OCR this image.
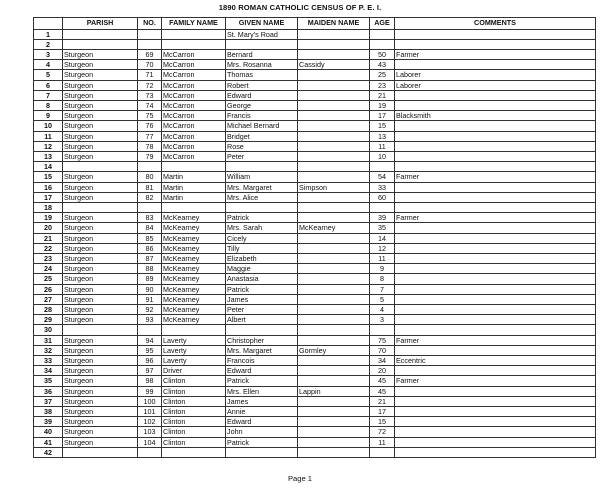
1890 ROMAN CATHOLIC CENSUS OF P. E. I.
	PARISH	NO.	FAMILY NAME	GIVEN NAME	MAIDEN NAME	AGE	COMMENTS
1				St. Mary's Road			
2							
3	Sturgeon	69	McCarron	Bernard		50	Farmer
4	Sturgeon	70	McCarron	Mrs. Rosanna	Cassidy	43	
5	Sturgeon	71	McCarron	Thomas		25	Laborer
6	Sturgeon	72	McCarron	Robert		23	Laborer
7	Sturgeon	73	McCarron	Edward		21	
8	Sturgeon	74	McCarron	George		19	
9	Sturgeon	75	McCarron	Francis		17	Blacksmith
10	Sturgeon	76	McCarron	Michael Bernard		15	
11	Sturgeon	77	McCarron	Bridget		13	
12	Sturgeon	78	McCarron	Rose		11	
13	Sturgeon	79	McCarron	Peter		10	
14							
15	Sturgeon	80	Martin	William		54	Farmer
16	Sturgeon	81	Martin	Mrs. Margaret	Simpson	33	
17	Sturgeon	82	Martin	Mrs. Alice		60	
18							
19	Sturgeon	83	McKearney	Patrick		39	Farmer
20	Sturgeon	84	McKearney	Mrs. Sarah	McKearney	35	
21	Sturgeon	85	McKearney	Cicely		14	
22	Sturgeon	86	McKearney	Tilly		12	
23	Sturgeon	87	McKearney	Elizabeth		11	
24	Sturgeon	88	McKearney	Maggie		9	
25	Sturgeon	89	McKearney	Anastasia		8	
26	Sturgeon	90	McKearney	Patrick		7	
27	Sturgeon	91	McKearney	James		5	
28	Sturgeon	92	McKearney	Peter		4	
29	Sturgeon	93	McKearney	Albert		3	
30							
31	Sturgeon	94	Laverty	Christopher		75	Farmer
32	Sturgeon	95	Laverty	Mrs. Margaret	Gormley	70	
33	Sturgeon	96	Laverty	Francois		34	Eccentric
34	Sturgeon	97	Driver	Edward		20	
35	Sturgeon	98	Clinton	Patrick		45	Farmer
36	Sturgeon	99	Clinton	Mrs. Ellen	Lappin	45	
37	Sturgeon	100	Clinton	James		21	
38	Sturgeon	101	Clinton	Annie		17	
39	Sturgeon	102	Clinton	Edward		15	
40	Sturgeon	103	Clinton	John		72	
41	Sturgeon	104	Clinton	Patrick		11	
42							
Page 1
